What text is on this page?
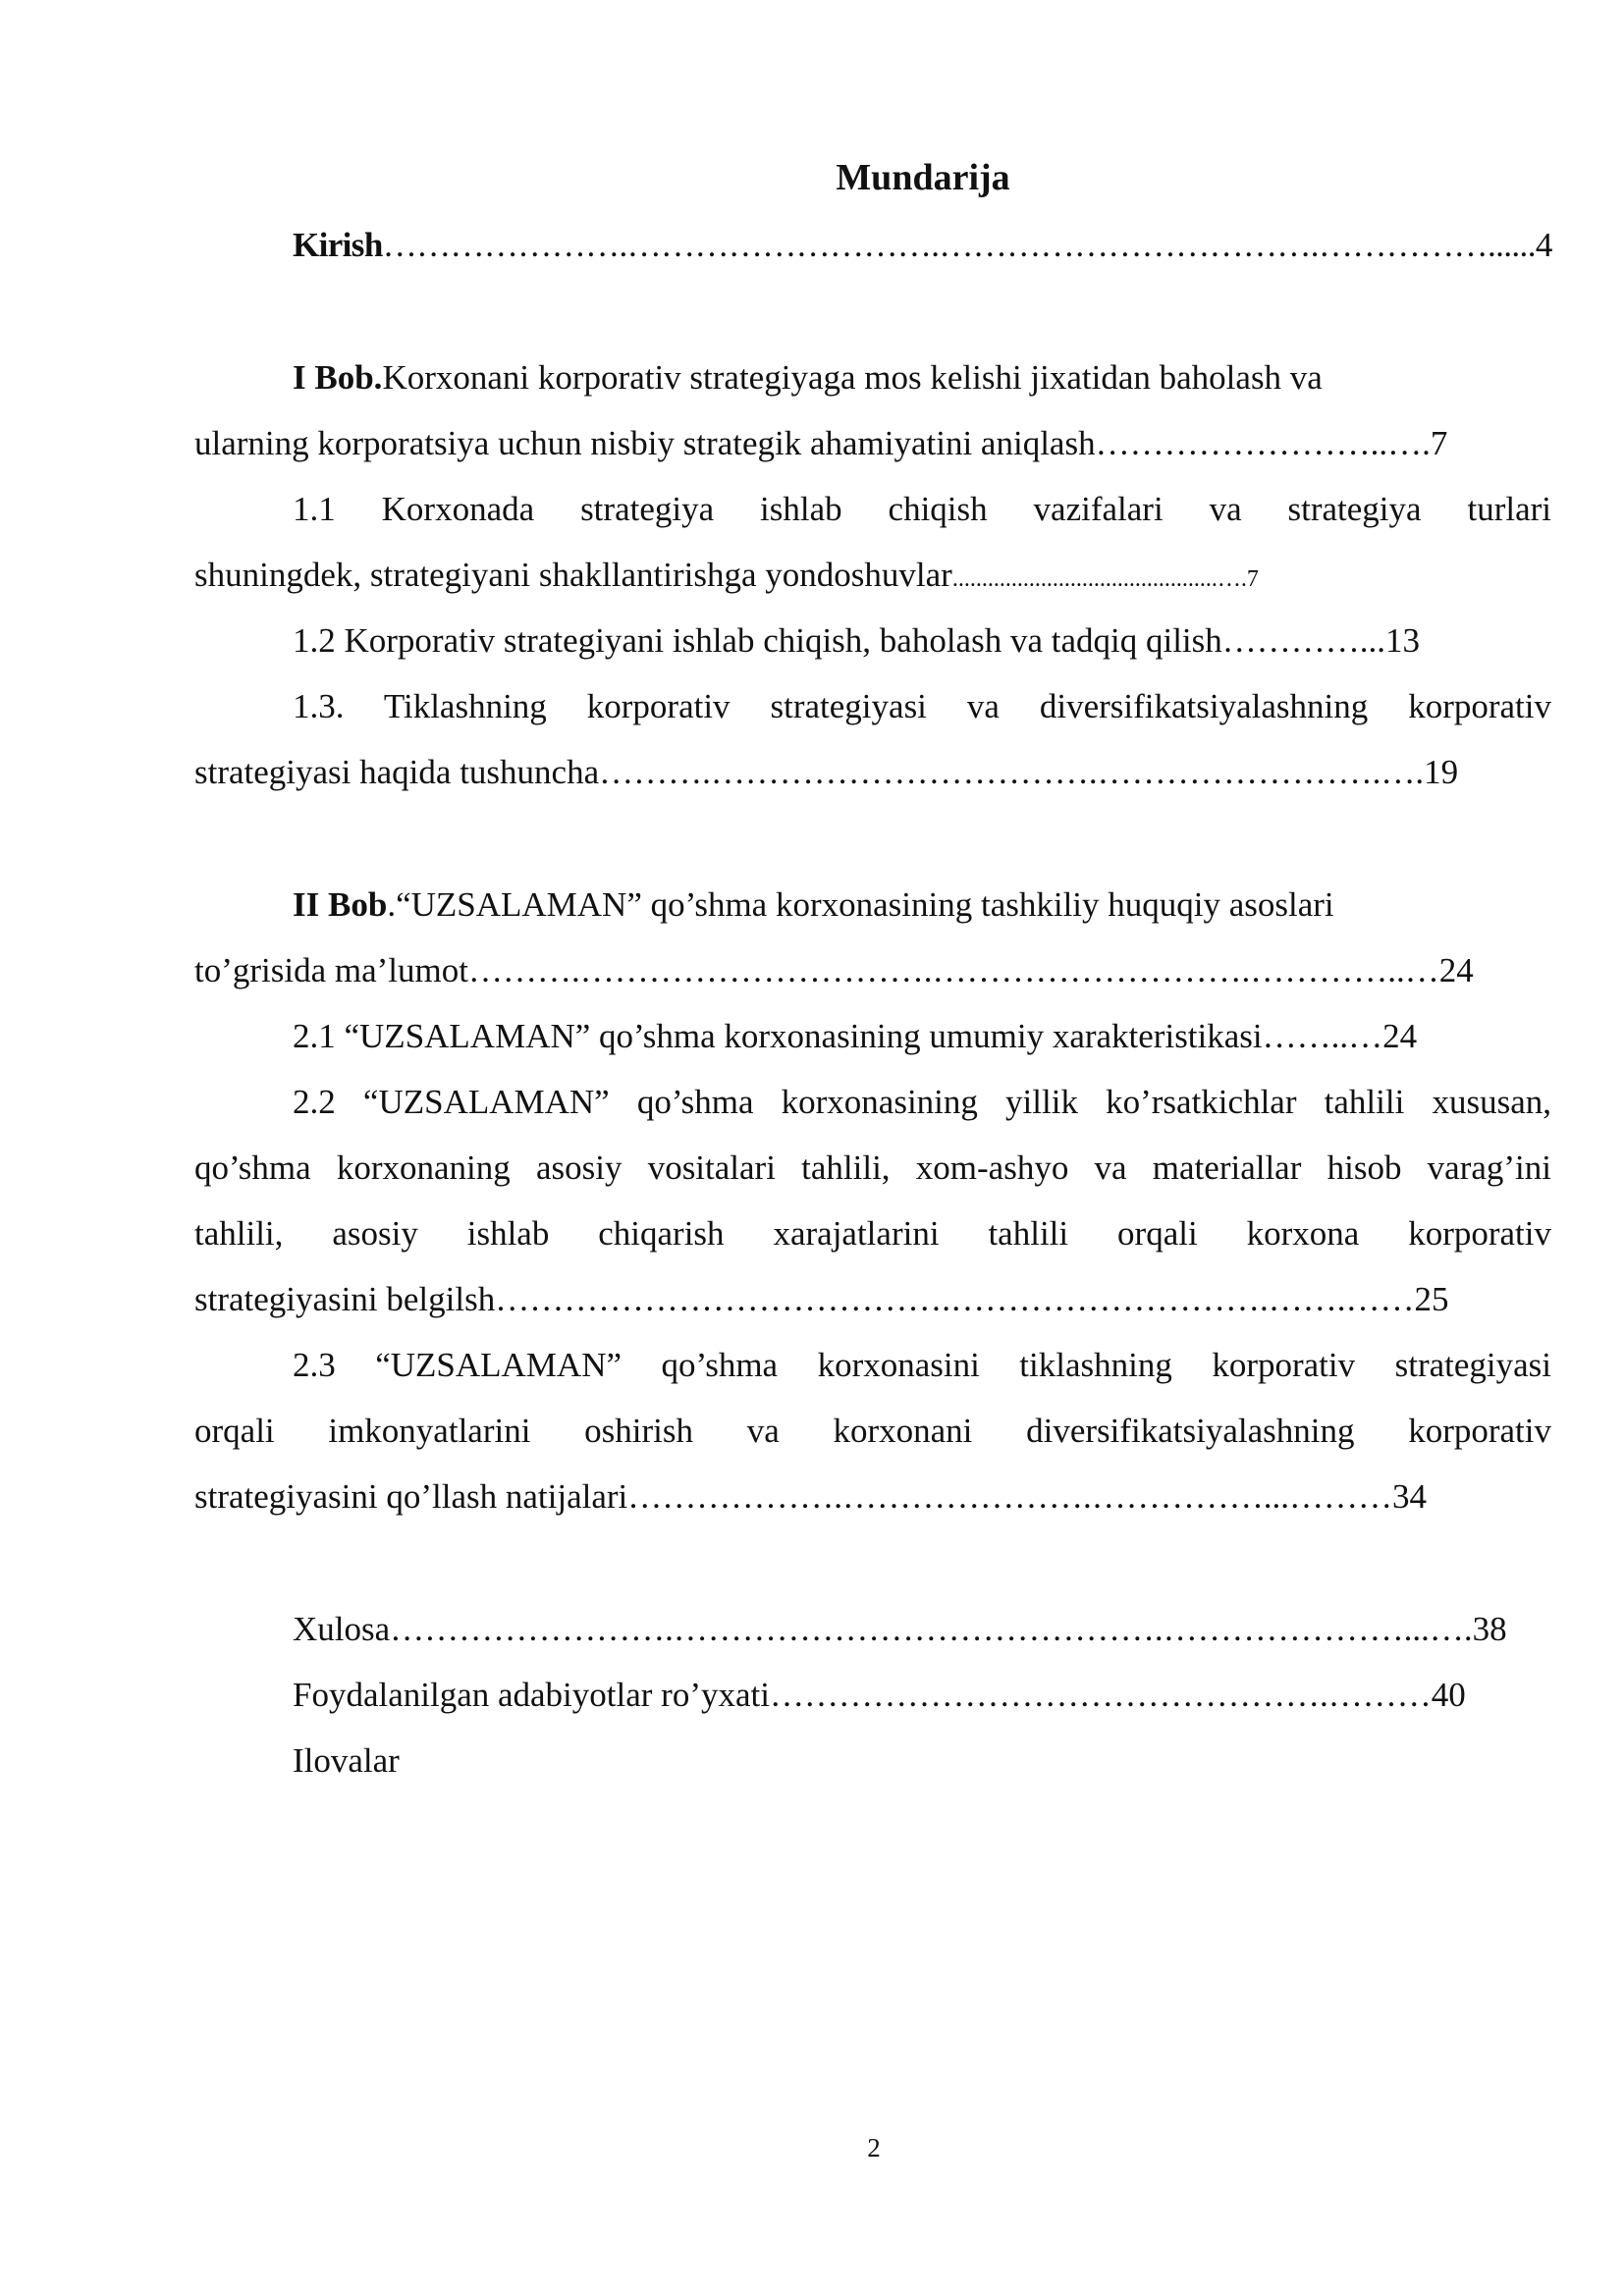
Mundarija
Kirish………………….……………………….…………………………….……………......4
I Bob.Korxonani korporativ strategiyaga mos kelishi jixatidan baholash va
ularning korporatsiya uchun nisbiy strategik ahamiyatini aniqlash……………………..….7
1.1 Korxonada strategiya ishlab chiqish vazifalari va strategiya turlari
shuningdek, strategiyani shakllantirishga yondoshuvlar.............................................….7
1.2 Korporativ strategiyani ishlab chiqish, baholash va tadqiq qilish…………...13
1.3. Tiklashning korporativ strategiyasi va diversifikatsiyalashning korporativ
strategiyasi haqida tushuncha……….…………………………….…………………….….19
II Bob.“UZSALAMAN” qo’shma korxonasining tashkiliy huquqiy asoslari
to’grisida ma’lumot……….………………………….……………………….…………..…24
2.1 “UZSALAMAN” qo’shma korxonasining umumiy xarakteristikasi……..…24
2.2 “UZSALAMAN” qo’shma korxonasining yillik ko’rsatkichlar tahlili xususan,
qo’shma korxonaning asosiy vositalari tahlili, xom-ashyo va materiallar hisob varag’ini
tahlili, asosiy ishlab chiqarish xarajatlarini tahlili orqali korxona korporativ
strategiyasini belgilsh………………………………….……………………….…….……25
2.3 “UZSALAMAN” qo’shma korxonasini tiklashning korporativ strategiyasi
orqali imkonyatlarini oshirish va korxonani diversifikatsiyalashning korporativ
strategiyasini qo’llash natijalari……………….………………….……………...………34
Xulosa…………………….…………………………………….…………………...….38
Foydalanilgan adabiyotlar ro’yxati………………………………………….………40
Ilovalar
2
